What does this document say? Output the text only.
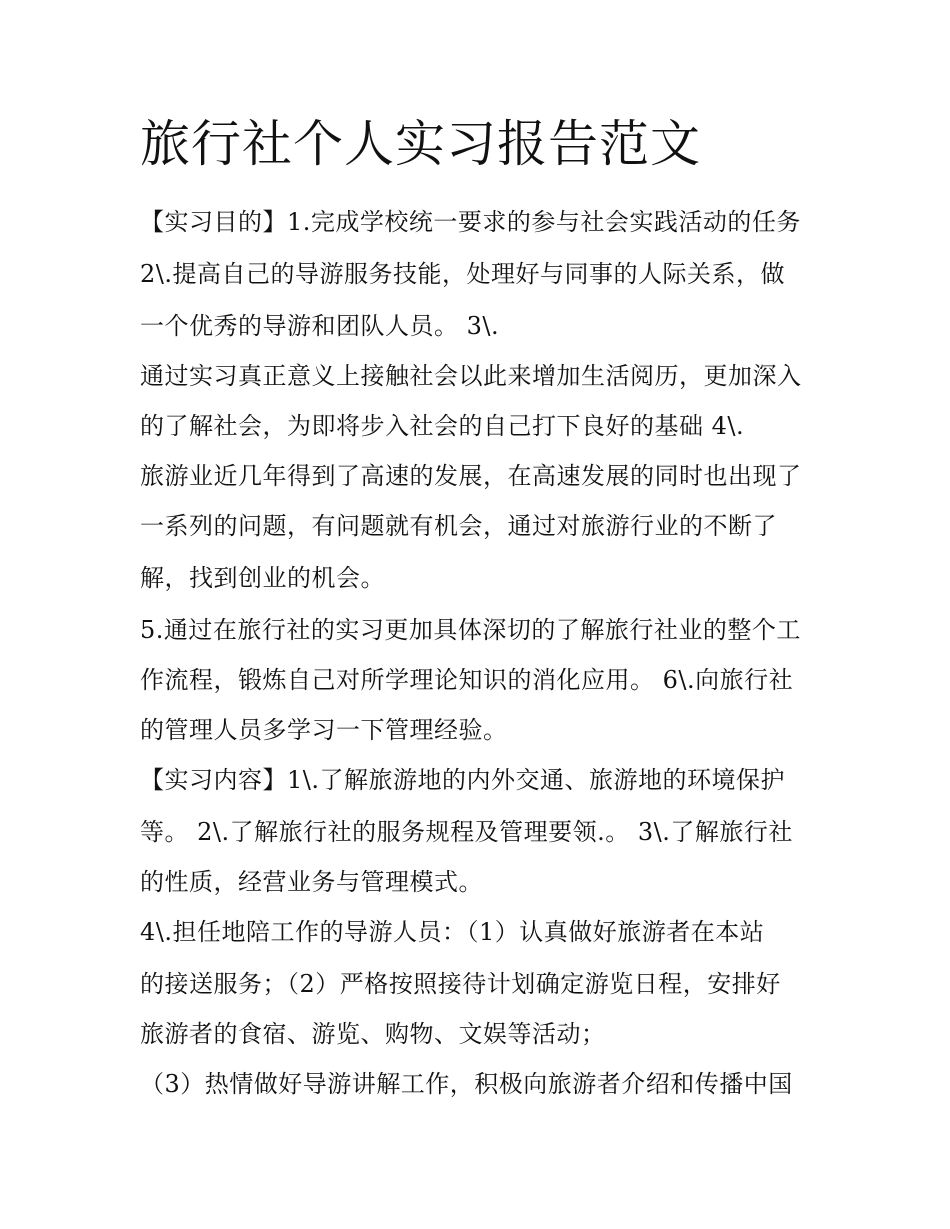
旅行社个人实习报告范文

【实习目的】1.完成学校统一要求的参与社会实践活动的任务

2\.提高自己的导游服务技能，处理好与同事的人际关系，做

一个优秀的导游和团队人员。 3\.

通过实习真正意义上接触社会以此来增加生活阅历，更加深入

的了解社会，为即将步入社会的自己打下良好的基础 4\.

旅游业近几年得到了高速的发展，在高速发展的同时也出现了

一系列的问题，有问题就有机会，通过对旅游行业的不断了

解，找到创业的机会。

5.通过在旅行社的实习更加具体深切的了解旅行社业的整个工

作流程，锻炼自己对所学理论知识的消化应用。 6\.向旅行社

的管理人员多学习一下管理经验。

【实习内容】1\.了解旅游地的内外交通、旅游地的环境保护

等。 2\.了解旅行社的服务规程及管理要领.。 3\.了解旅行社

的性质，经营业务与管理模式。

4\.担任地陪工作的导游人员：（1）认真做好旅游者在本站

的接送服务；（2）严格按照接待计划确定游览日程，安排好

旅游者的食宿、游览、购物、文娱等活动；

（3）热情做好导游讲解工作，积极向旅游者介绍和传播中国
